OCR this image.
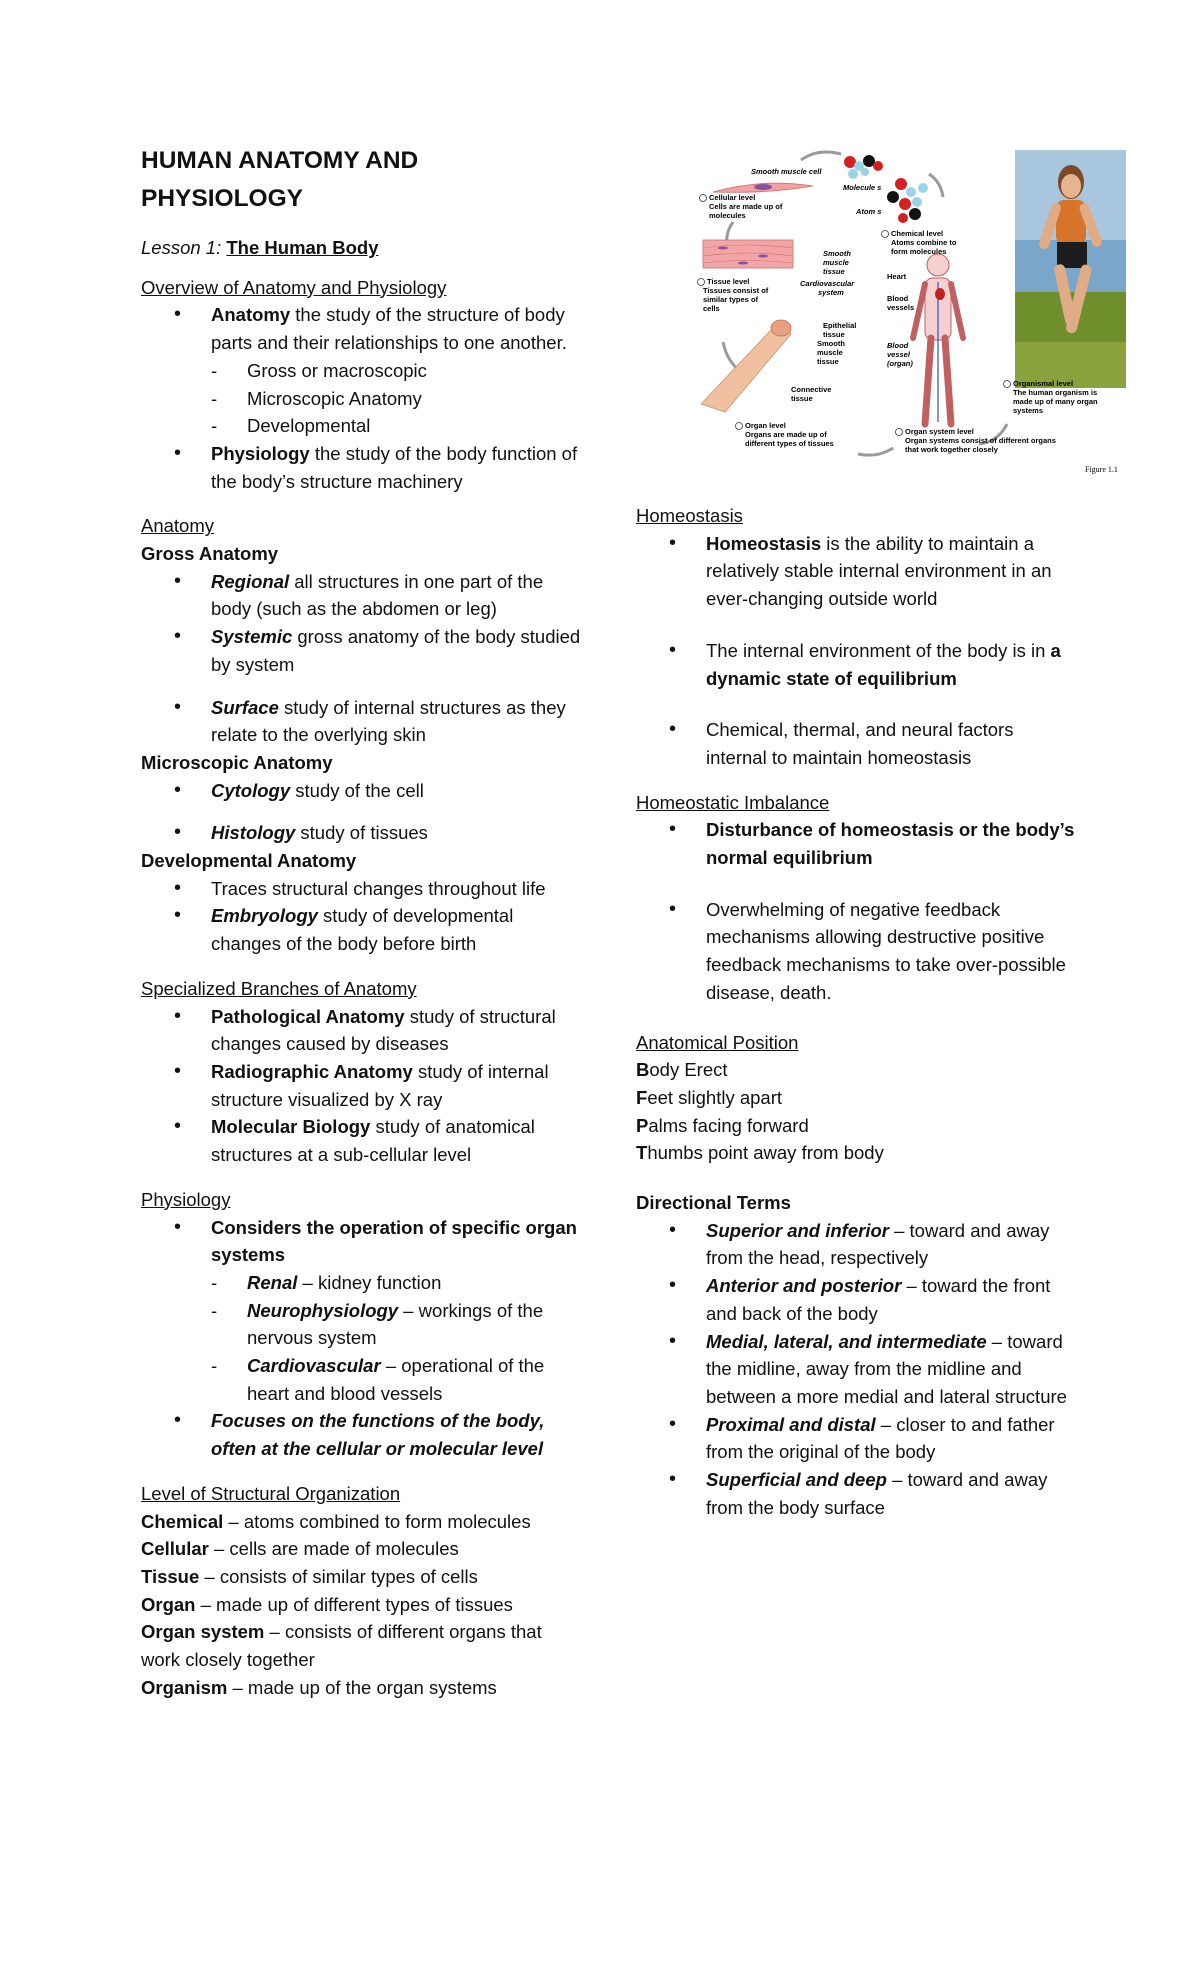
HUMAN ANATOMY AND
PHYSIOLOGY
Lesson 1: The Human Body
Overview of Anatomy and Physiology
• Anatomy the study of the structure of body parts and their relationships to one another.
- Gross or macroscopic
- Microscopic Anatomy
- Developmental
• Physiology the study of the body function of the body’s structure machinery
Anatomy
Gross Anatomy
• Regional all structures in one part of the body (such as the abdomen or leg)
• Systemic gross anatomy of the body studied by system
• Surface study of internal structures as they relate to the overlying skin
Microscopic Anatomy
• Cytology study of the cell
• Histology study of tissues
Developmental Anatomy
• Traces structural changes throughout life
• Embryology study of developmental changes of the body before birth
Specialized Branches of Anatomy
• Pathological Anatomy study of structural changes caused by diseases
• Radiographic Anatomy study of internal structure visualized by X ray
• Molecular Biology study of anatomical structures at a sub-cellular level
Physiology
• Considers the operation of specific organ systems
- Renal – kidney function
- Neurophysiology – workings of the nervous system
- Cardiovascular – operational of the heart and blood vessels
• Focuses on the functions of the body, often at the cellular or molecular level
Level of Structural Organization
Chemical – atoms combined to form molecules
Cellular – cells are made of molecules
Tissue – consists of similar types of cells
Organ – made up of different types of tissues
Organ system – consists of different organs that work closely together
Organism – made up of the organ systems
Smooth muscle cell
Molecule s
Atom s
Cellular level
Cells are made up of
molecules
Chemical level
Atoms combine to
form molecules
Smooth
muscle
tissue
Tissue level
Tissues consist of
similar types of
cells
Cardiovascular
system
Heart
Blood
vessels
Epithelial
tissue
Smooth
muscle
tissue
Blood
vessel
(organ)
Connective
tissue
Organ level
Organs are made up of
different types of tissues
Organ system level
Organ systems consist of different organs
that work together closely
Organismal level
The human organism is
made up of many organ
systems
Figure 1.1
Homeostasis
• Homeostasis is the ability to maintain a relatively stable internal environment in an ever-changing outside world
• The internal environment of the body is in a dynamic state of equilibrium
• Chemical, thermal, and neural factors internal to maintain homeostasis
Homeostatic Imbalance
• Disturbance of homeostasis or the body’s normal equilibrium
• Overwhelming of negative feedback mechanisms allowing destructive positive feedback mechanisms to take over-possible disease, death.
Anatomical Position
Body Erect
Feet slightly apart
Palms facing forward
Thumbs point away from body
Directional Terms
• Superior and inferior – toward and away from the head, respectively
• Anterior and posterior – toward the front and back of the body
• Medial, lateral, and intermediate – toward the midline, away from the midline and between a more medial and lateral structure
• Proximal and distal – closer to and father from the original of the body
• Superficial and deep – toward and away from the body surface
